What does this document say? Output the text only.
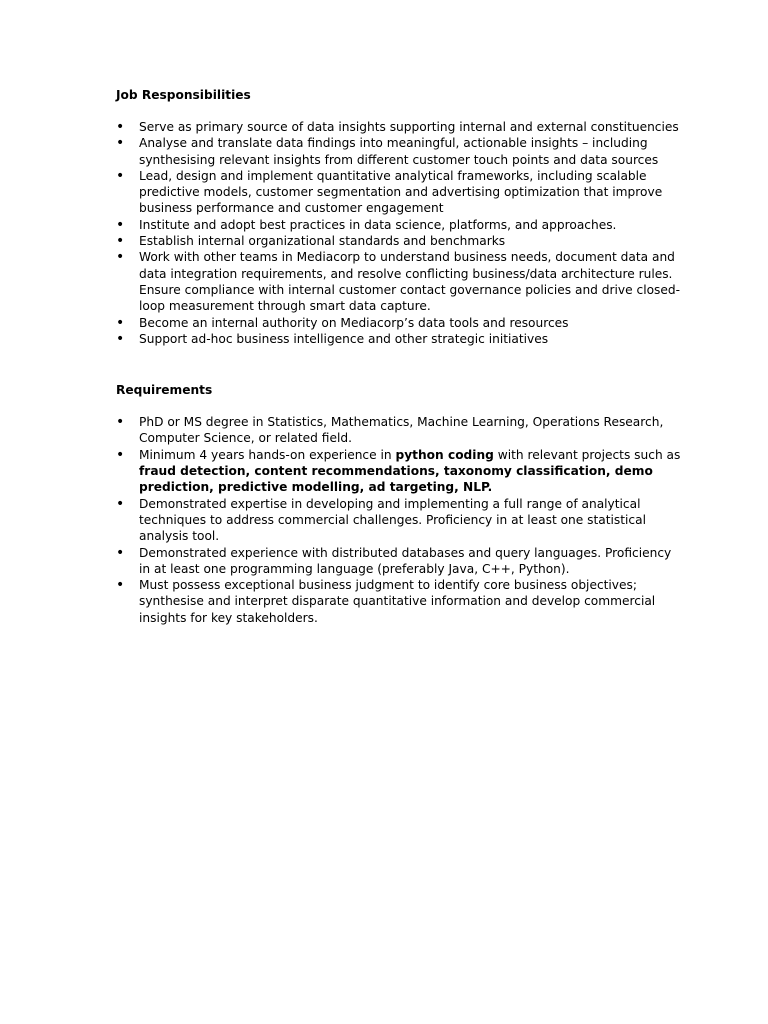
Job Responsibilities

• Serve as primary source of data insights supporting internal and external constituencies
• Analyse and translate data findings into meaningful, actionable insights – including synthesising relevant insights from different customer touch points and data sources
• Lead, design and implement quantitative analytical frameworks, including scalable predictive models, customer segmentation and advertising optimization that improve business performance and customer engagement
• Institute and adopt best practices in data science, platforms, and approaches.
• Establish internal organizational standards and benchmarks
• Work with other teams in Mediacorp to understand business needs, document data and data integration requirements, and resolve conflicting business/data architecture rules. Ensure compliance with internal customer contact governance policies and drive closed-loop measurement through smart data capture.
• Become an internal authority on Mediacorp’s data tools and resources
• Support ad-hoc business intelligence and other strategic initiatives

Requirements

• PhD or MS degree in Statistics, Mathematics, Machine Learning, Operations Research, Computer Science, or related field.
• Minimum 4 years hands-on experience in python coding with relevant projects such as fraud detection, content recommendations, taxonomy classification, demo prediction, predictive modelling, ad targeting, NLP.
• Demonstrated expertise in developing and implementing a full range of analytical techniques to address commercial challenges. Proficiency in at least one statistical analysis tool.
• Demonstrated experience with distributed databases and query languages. Proficiency in at least one programming language (preferably Java, C++, Python).
• Must possess exceptional business judgment to identify core business objectives; synthesise and interpret disparate quantitative information and develop commercial insights for key stakeholders.
